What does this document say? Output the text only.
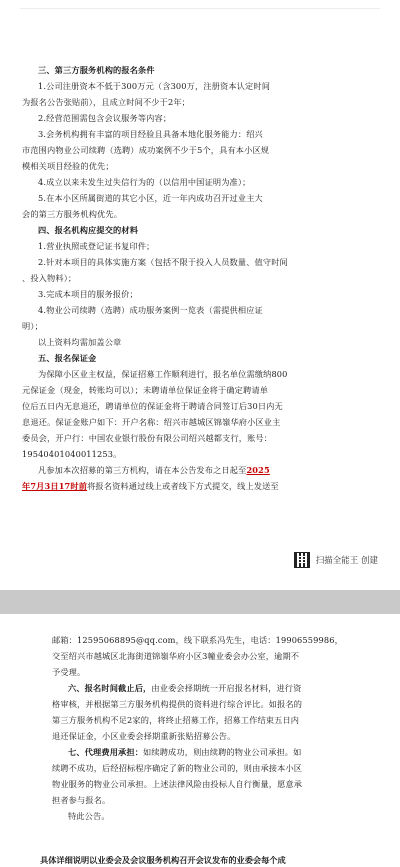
三、第三方服务机构的报名条件

1.公司注册资本不低于300万元（含300万，注册资本认定时间

为报名公告张贴前），且成立时间不少于2年；

2.经营范围需包含会议服务等内容；

3.会务机构拥有丰富的项目经验且具备本地化服务能力：绍兴

市范围内物业公司续聘（选聘）成功案例不少于5个，具有本小区规

模相关项目经验的优先；

4.成立以来未发生过失信行为的（以信用中国证明为准）；

5.在本小区所属街道的其它小区，近一年内成功召开过业主大

会的第三方服务机构优先。

四、报名机构应提交的材料

1.营业执照或登记证书复印件；

2.针对本项目的具体实施方案（包括不限于投入人员数量、值守时间

、投入物料）；

3.完成本项目的服务报价；

4.物业公司续聘（选聘）成功服务案例一览表（需提供相应证

明）；

以上资料均需加盖公章

五、报名保证金

为保障小区业主权益，保证招募工作顺利进行，报名单位需缴纳800

元保证金（现金，转账均可以）；未聘请单位保证金将于确定聘请单

位后五日内无息退还，聘请单位的保证金将于聘请合同签订后30日内无

息退还。保证金账户如下：开户名称：绍兴市越城区锦嶺华府小区业主

委员会，开户行：中国农业银行股份有限公司绍兴越都支行，账号：

19540401040011253。

凡参加本次招募的第三方机构，请在本公告发布之日起至2025

年7月3日17时前将报名资料通过线上或者线下方式提交，线上发送至

扫描全能王 创建

邮箱：12595068895@qq.com，线下联系冯先生，电话：19906559986，

交至绍兴市越城区北海街道锦嶺华府小区3幢业委会办公室，逾期不

予受理。

六、报名时间截止后，由业委会择期统一开启报名材料，进行资

格审核，并根据第三方服务机构提供的资料进行综合评比。如报名的

第三方服务机构不足2家的，将终止招募工作，招募工作结束五日内

退还保证金，小区业委会择期重新张贴招募公告。

七、代理费用承担：如续聘成功，则由续聘的物业公司承担。如

续聘不成功，后经招标程序确定了新的物业公司的，则由承接本小区

物业服务的物业公司承担。上述法律风险由投标人自行衡量，愿意承

担者参与报名。

特此公告。

具体详细说明以业委会及会议服务机构召开会议发布的业委会每个成
